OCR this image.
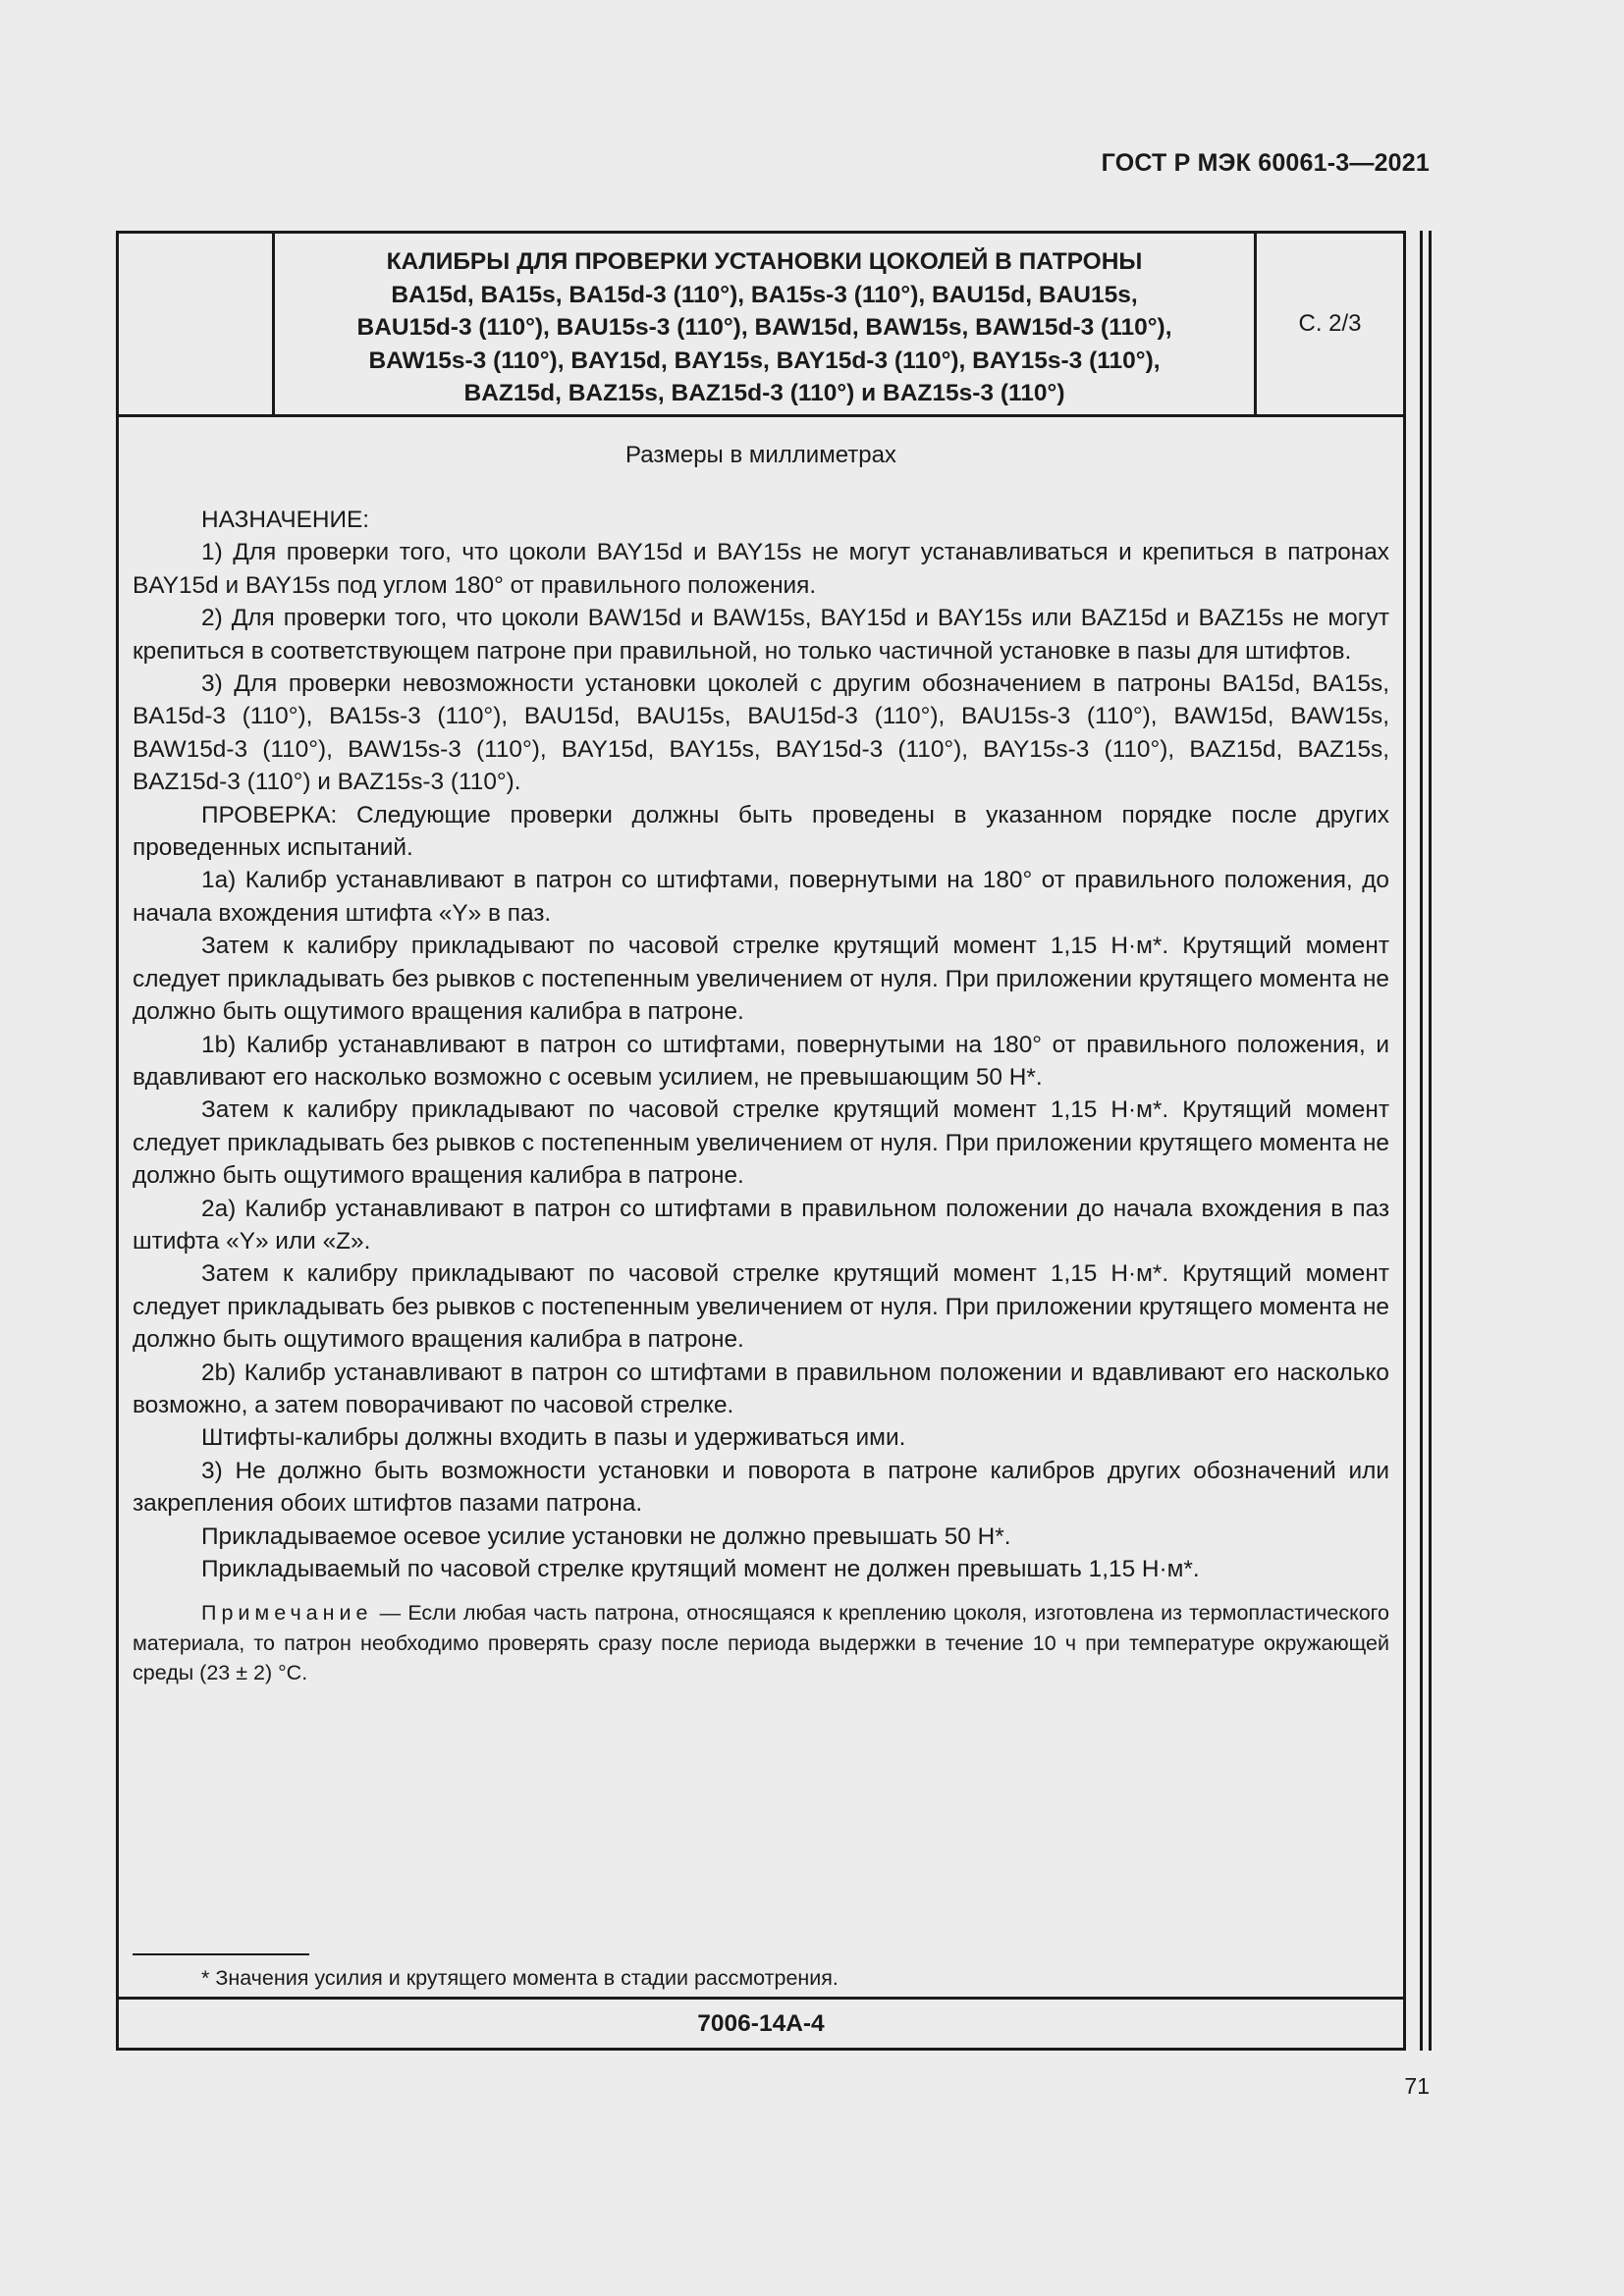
ГОСТ Р МЭК 60061-3—2021
КАЛИБРЫ ДЛЯ ПРОВЕРКИ УСТАНОВКИ ЦОКОЛЕЙ В ПАТРОНЫ
BA15d, BA15s, BA15d-3 (110°), BA15s-3 (110°), BAU15d, BAU15s,
BAU15d-3 (110°), BAU15s-3 (110°), BAW15d, BAW15s, BAW15d-3 (110°),
BAW15s-3 (110°), BAY15d, BAY15s, BAY15d-3 (110°), BAY15s-3 (110°),
BAZ15d, BAZ15s, BAZ15d-3 (110°) и BAZ15s-3 (110°)
С. 2/3
Размеры в миллиметрах

НАЗНАЧЕНИЕ:

1) Для проверки того, что цоколи BAY15d и BAY15s не могут устанавливаться и крепиться в патронах BAY15d и BAY15s под углом 180° от правильного положения.

2) Для проверки того, что цоколи BAW15d и BAW15s, BAY15d и BAY15s или BAZ15d и BAZ15s не могут крепиться в соответствующем патроне при правильной, но только частичной установке в пазы для штифтов.

3) Для проверки невозможности установки цоколей с другим обозначением в патроны BA15d, BA15s, BA15d-3 (110°), BA15s-3 (110°), BAU15d, BAU15s, BAU15d-3 (110°), BAU15s-3 (110°), BAW15d, BAW15s, BAW15d-3 (110°), BAW15s-3 (110°), BAY15d, BAY15s, BAY15d-3 (110°), BAY15s-3 (110°), BAZ15d, BAZ15s, BAZ15d-3 (110°) и BAZ15s-3 (110°).

ПРОВЕРКА: Следующие проверки должны быть проведены в указанном порядке после других проведенных испытаний.

1a) Калибр устанавливают в патрон со штифтами, повернутыми на 180° от правильного положения, до начала вхождения штифта «Y» в паз.

Затем к калибру прикладывают по часовой стрелке крутящий момент 1,15 Н·м*. Крутящий момент следует прикладывать без рывков с постепенным увеличением от нуля. При приложении крутящего момента не должно быть ощутимого вращения калибра в патроне.

1b) Калибр устанавливают в патрон со штифтами, повернутыми на 180° от правильного положения, и вдавливают его насколько возможно с осевым усилием, не превышающим 50 Н*.

Затем к калибру прикладывают по часовой стрелке крутящий момент 1,15 Н·м*. Крутящий момент следует прикладывать без рывков с постепенным увеличением от нуля. При приложении крутящего момента не должно быть ощутимого вращения калибра в патроне.

2a) Калибр устанавливают в патрон со штифтами в правильном положении до начала вхождения в паз штифта «Y» или «Z».

Затем к калибру прикладывают по часовой стрелке крутящий момент 1,15 Н·м*. Крутящий момент следует прикладывать без рывков с постепенным увеличением от нуля. При приложении крутящего момента не должно быть ощутимого вращения калибра в патроне.

2b) Калибр устанавливают в патрон со штифтами в правильном положении и вдавливают его насколько возможно, а затем поворачивают по часовой стрелке.

Штифты-калибры должны входить в пазы и удерживаться ими.

3) Не должно быть возможности установки и поворота в патроне калибров других обозначений или закрепления обоих штифтов пазами патрона.

Прикладываемое осевое усилие установки не должно превышать 50 Н*.

Прикладываемый по часовой стрелке крутящий момент не должен превышать 1,15 Н·м*.

Примечание — Если любая часть патрона, относящаяся к креплению цоколя, изготовлена из термопластического материала, то патрон необходимо проверять сразу после периода выдержки в течение 10 ч при температуре окружающей среды (23 ± 2) °С.
* Значения усилия и крутящего момента в стадии рассмотрения.
7006-14A-4
71
